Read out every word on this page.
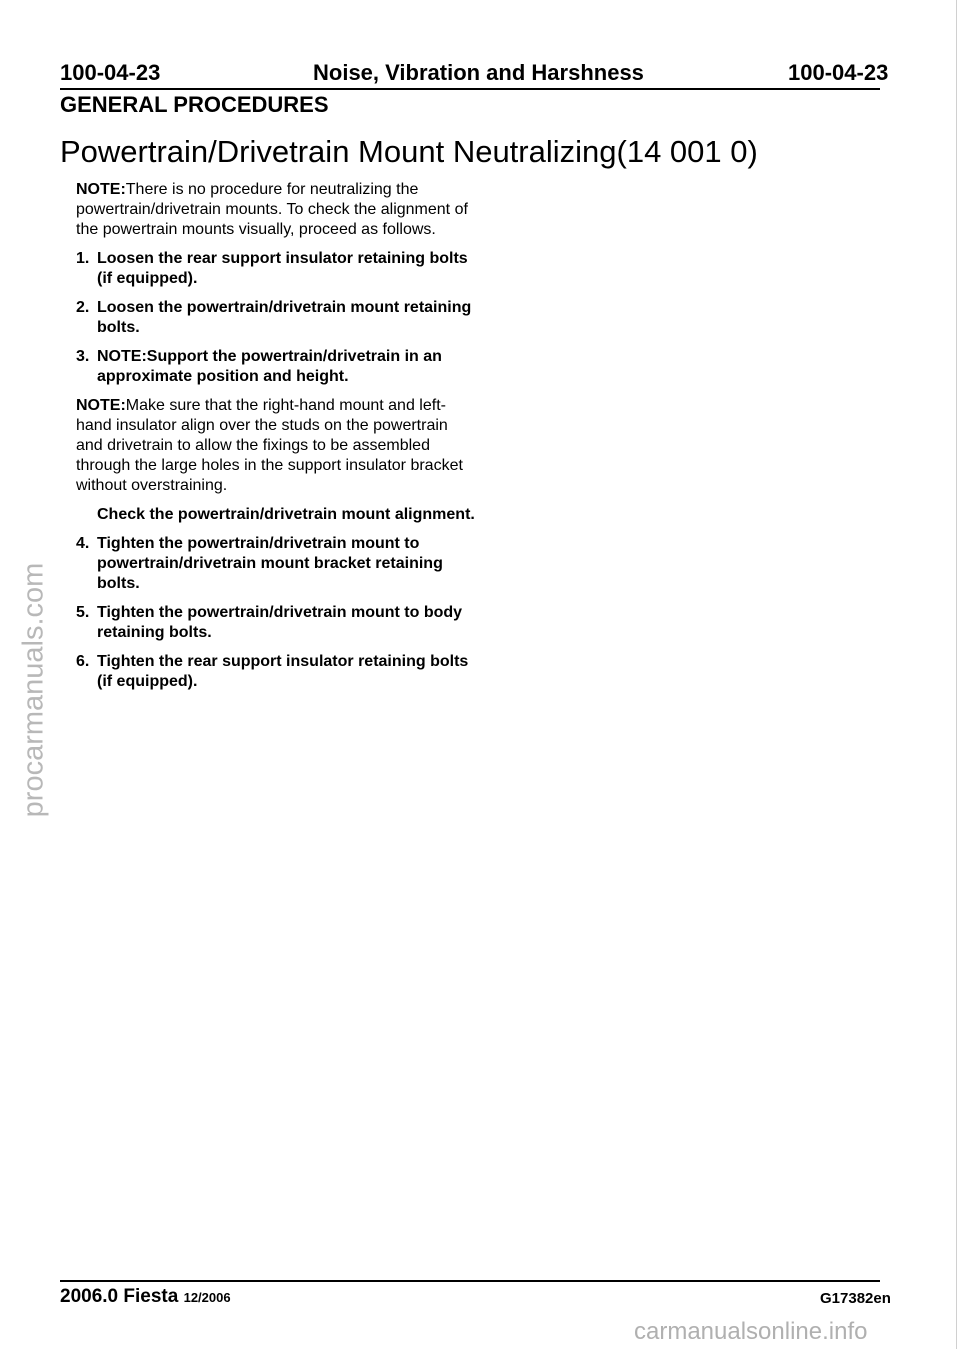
100-04-23	Noise, Vibration and Harshness	100-04-23
GENERAL PROCEDURES
Powertrain/Drivetrain Mount Neutralizing(14 001 0)

NOTE:There is no procedure for neutralizing the powertrain/drivetrain mounts. To check the alignment of the powertrain mounts visually, proceed as follows.

1. Loosen the rear support insulator retaining bolts (if equipped).
2. Loosen the powertrain/drivetrain mount retaining bolts.
3. NOTE:Support the powertrain/drivetrain in an approximate position and height.

NOTE:Make sure that the right-hand mount and left-hand insulator align over the studs on the powertrain and drivetrain to allow the fixings to be assembled through the large holes in the support insulator bracket without overstraining.

Check the powertrain/drivetrain mount alignment.
4. Tighten the powertrain/drivetrain mount to powertrain/drivetrain mount bracket retaining bolts.
5. Tighten the powertrain/drivetrain mount to body retaining bolts.
6. Tighten the rear support insulator retaining bolts (if equipped).
2006.0 Fiesta 12/2006	G17382en
procarmanuals.com
carmanualsonline.info
